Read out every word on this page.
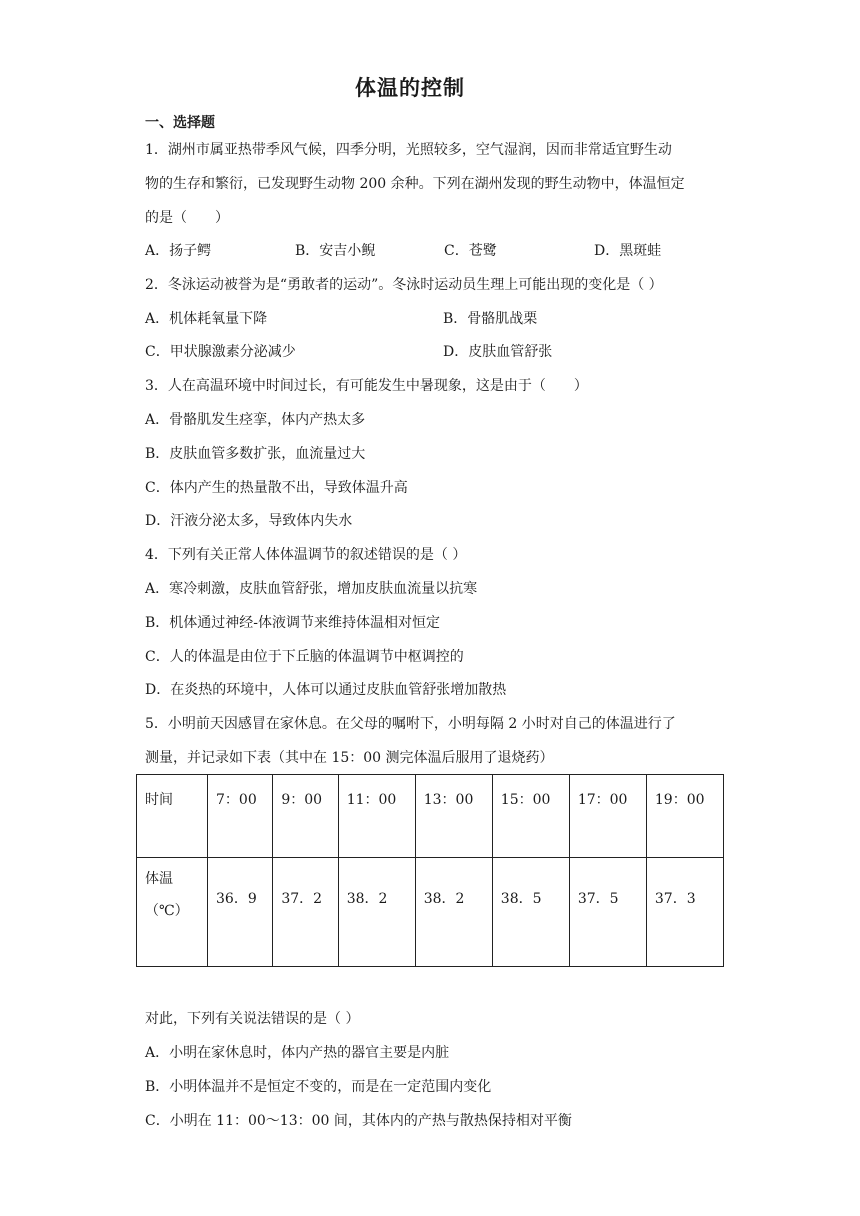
体温的控制
一、选择题
1．湖州市属亚热带季风气候，四季分明，光照较多，空气湿润，因而非常适宜野生动
物的生存和繁衍，已发现野生动物 200 余种。下列在湖州发现的野生动物中，体温恒定
的是（　　）
A．扬子鳄	B．安吉小鲵	C．苍鹭	D．黑斑蛙
2．冬泳运动被誉为是“勇敢者的运动”。冬泳时运动员生理上可能出现的变化是（ ）
A．机体耗氧量下降	B．骨骼肌战栗
C．甲状腺激素分泌减少	D．皮肤血管舒张
3．人在高温环境中时间过长，有可能发生中暑现象，这是由于（　　）
A．骨骼肌发生痉挛，体内产热太多
B．皮肤血管多数扩张，血流量过大
C．体内产生的热量散不出，导致体温升高
D．汗液分泌太多，导致体内失水
4．下列有关正常人体体温调节的叙述错误的是（ ）
A．寒冷刺激，皮肤血管舒张，增加皮肤血流量以抗寒
B．机体通过神经-体液调节来维持体温相对恒定
C．人的体温是由位于下丘脑的体温调节中枢调控的
D．在炎热的环境中，人体可以通过皮肤血管舒张增加散热
5．小明前天因感冒在家休息。在父母的嘱咐下，小明每隔 2 小时对自己的体温进行了
测量，并记录如下表（其中在 15：00 测完体温后服用了退烧药）
时间	7：00	9：00	11：00	13：00	15：00	17：00	19：00
体温
（℃）	36．9	37．2	38．2	38．2	38．5	37．5	37．3
对此，下列有关说法错误的是（ ）
A．小明在家休息时，体内产热的器官主要是内脏
B．小明体温并不是恒定不变的，而是在一定范围内变化
C．小明在 11：00～13：00 间，其体内的产热与散热保持相对平衡
